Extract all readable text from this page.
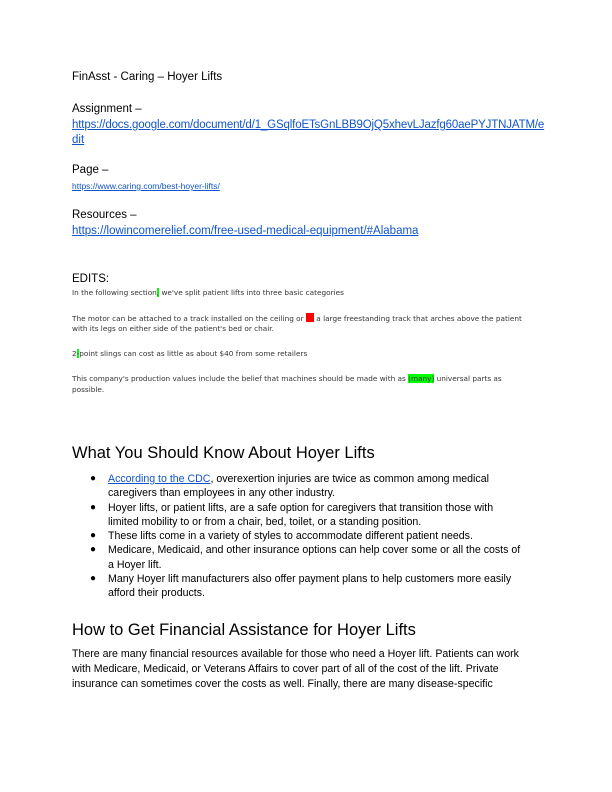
FinAsst - Caring – Hoyer Lifts
Assignment –
https://docs.google.com/document/d/1_GSqlfoETsGnLBB9OjQ5xhevLJazfg60aePYJTNJATM/e
dit
Page –
https://www.caring.com/best-hoyer-lifts/
Resources –
https://lowincomerelief.com/free-used-medical-equipment/#Alabama
EDITS:
In the following section, we've split patient lifts into three basic categories
The motor can be attached to a track installed on the ceiling or  a large freestanding track that arches above the patient
with its legs on either side of the patient's bed or chair.
2-point slings can cost as little as about $40 from some retailers
This company's production values include the belief that machines should be made with as (many) universal parts as
possible.
What You Should Know About Hoyer Lifts
● According to the CDC, overexertion injuries are twice as common among medical
caregivers than employees in any other industry.
● Hoyer lifts, or patient lifts, are a safe option for caregivers that transition those with
limited mobility to or from a chair, bed, toilet, or a standing position.
● These lifts come in a variety of styles to accommodate different patient needs.
● Medicare, Medicaid, and other insurance options can help cover some or all the costs of
a Hoyer lift.
● Many Hoyer lift manufacturers also offer payment plans to help customers more easily
afford their products.
How to Get Financial Assistance for Hoyer Lifts
There are many financial resources available for those who need a Hoyer lift. Patients can work
with Medicare, Medicaid, or Veterans Affairs to cover part of all of the cost of the lift. Private
insurance can sometimes cover the costs as well. Finally, there are many disease-specific
